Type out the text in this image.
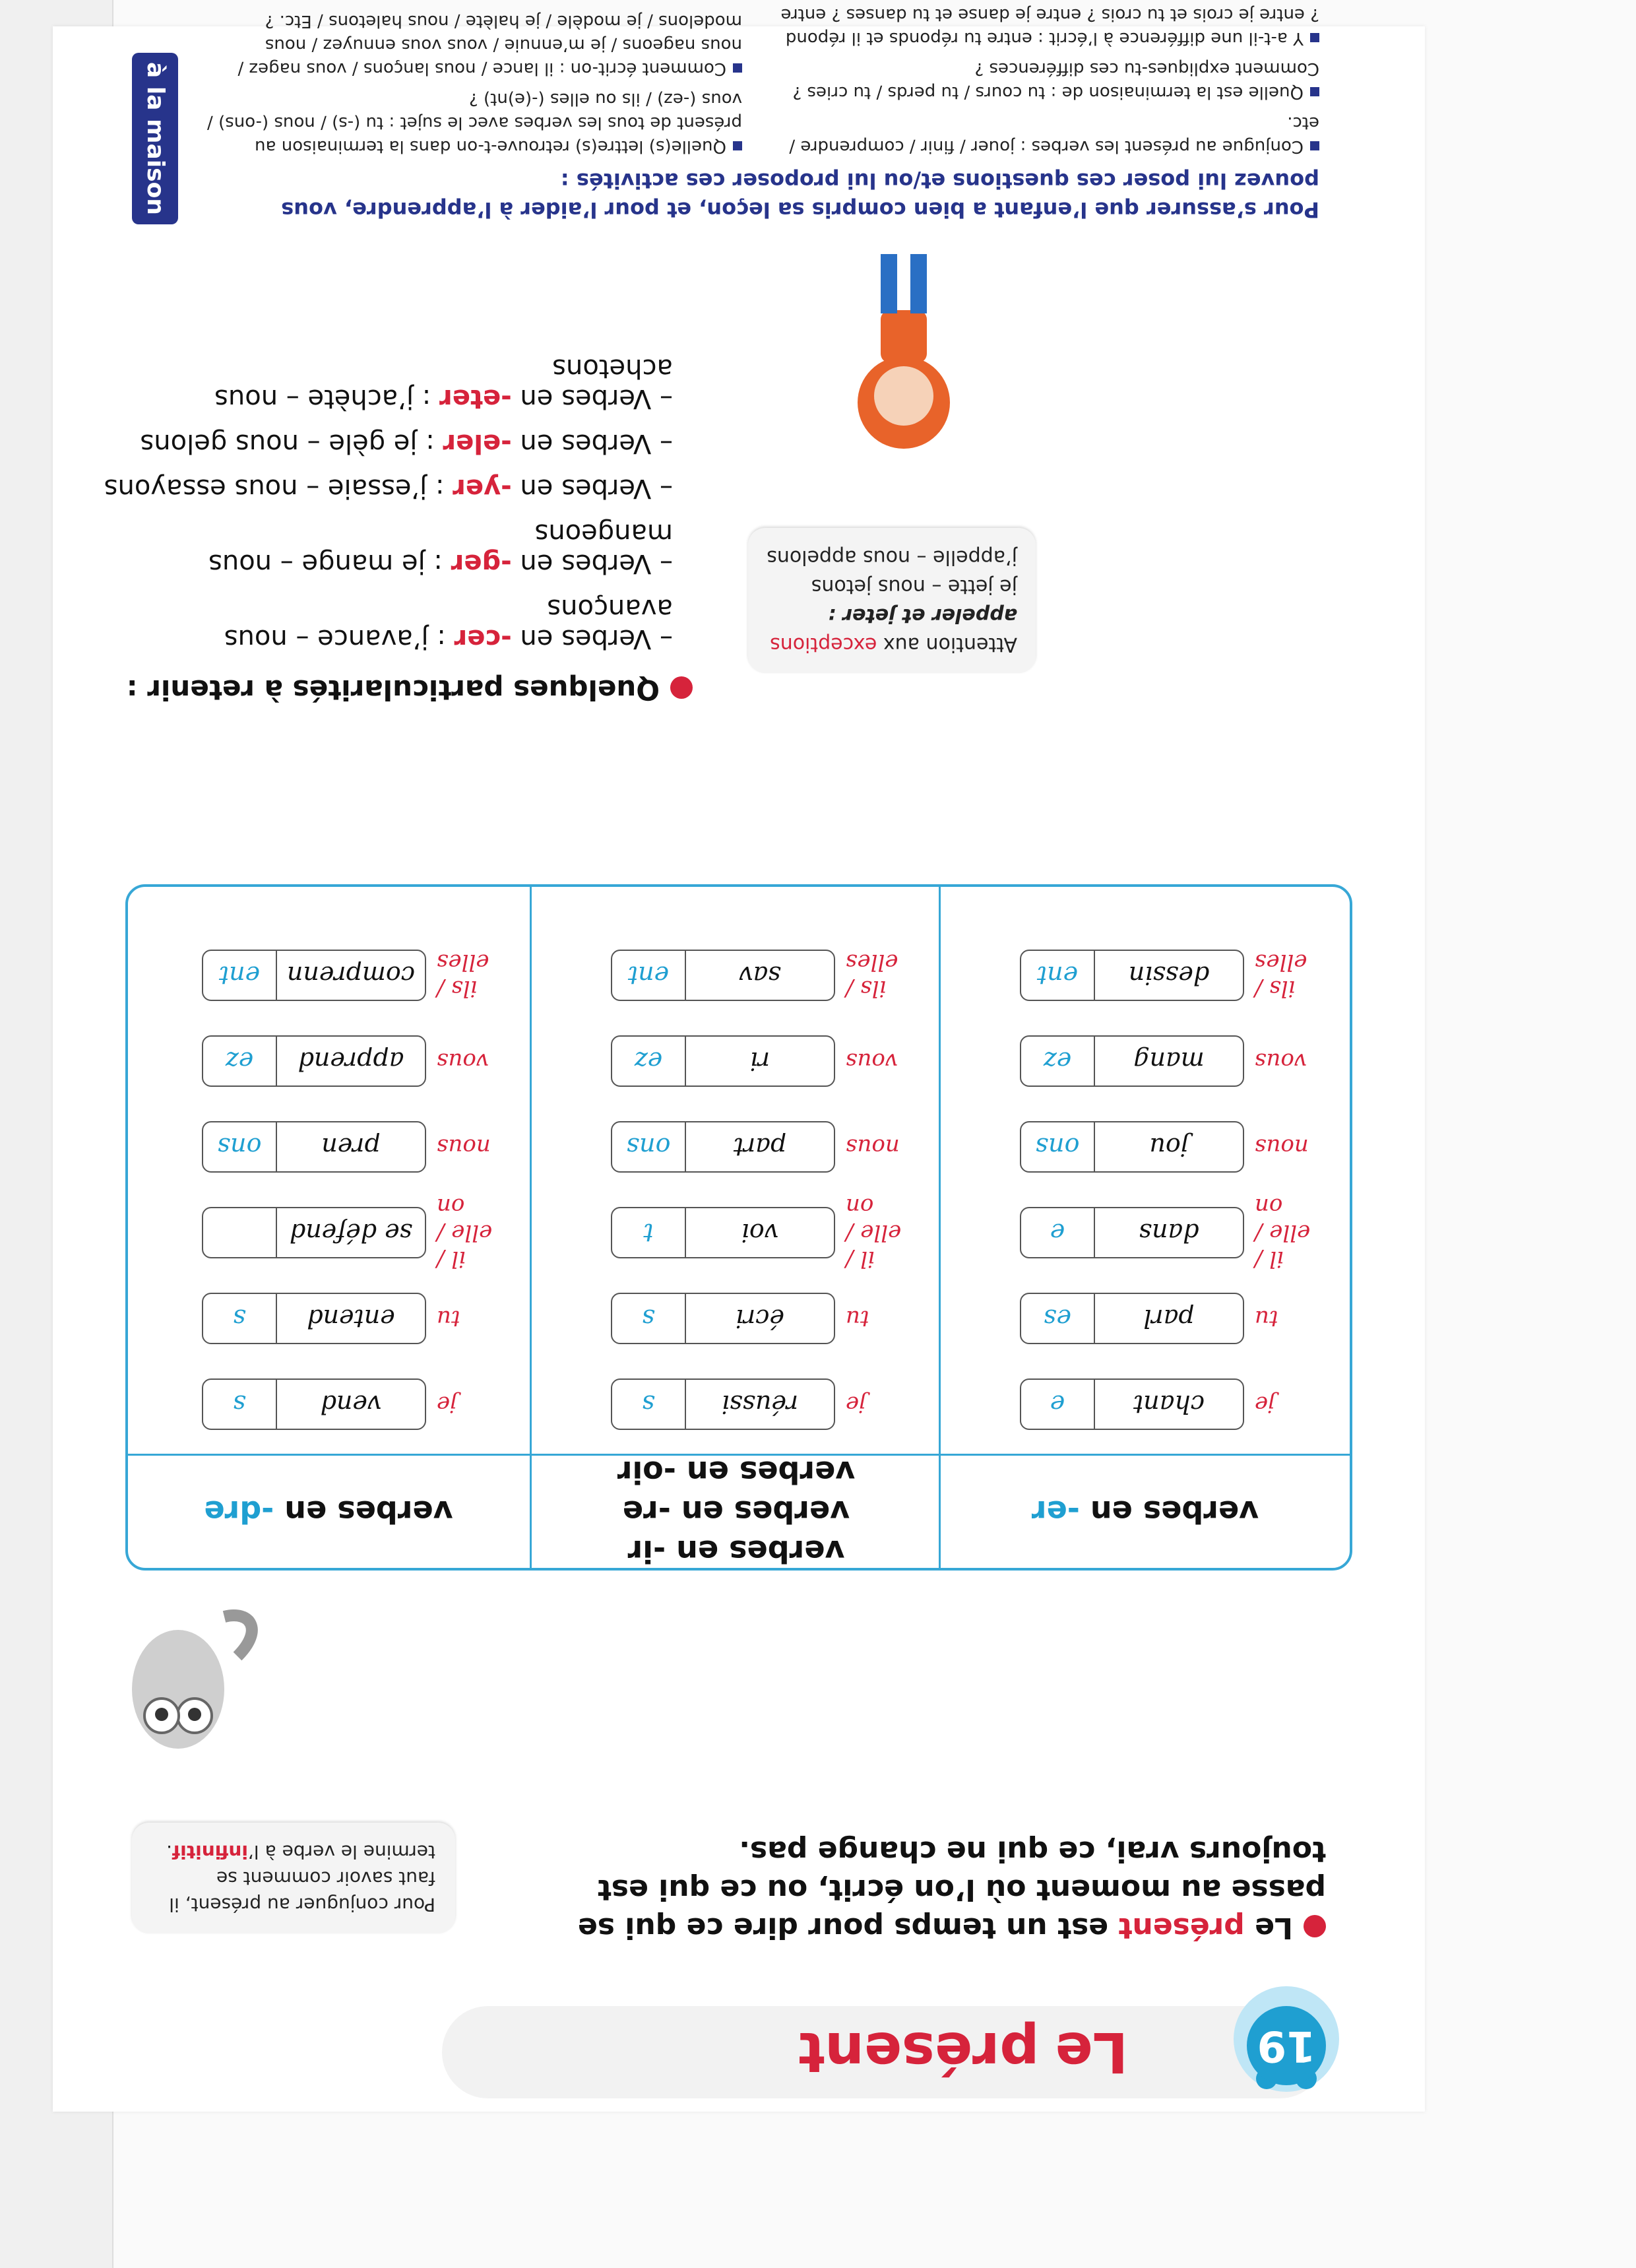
Le
présent	19
Le présent est un temps pour dire ce qui se passe au moment où l’on écrit, ou ce qui est toujours vrai, ce qui ne change pas.
Pour conjuguer au présent, il faut savoir comment se termine le verbe à l’infinitif.
verbes en -er
verbes en -ir
verbes en -re
verbes en -oir
verbes en -dre
je
chant
e
tu
parl
es
il / elle / on
dans
e
nous
jou
ons
vous
mang
ez
ils / elles
dessin
ent
je
réussi
s
tu
écri
s
il / elle / on
voi
t
nous
part
ons
vous
ri
ez
ils / elles
sav
ent
je
vend
s
tu
entend
s
il / elle / on
se défend
nous
pren
ons
vous
apprend
ez
ils / elles
comprenn
ent
Quelques particularités à retenir :
– Verbes en -cer : j’avance – nous avançons
– Verbes en -ger : je mange – nous mangeons
– Verbes en -yer : j’essaie – nous essayons
– Verbes en -eler : je gèle – nous gelons
– Verbes en -eter : j’achète – nous achetons
Attention aux exceptions
appeler et jeter :
je jette – nous jetons
j’appelle – nous appelons
à la maison	Pour s’assurer que l’enfant a bien compris sa leçon, et pour l’aider à l’apprendre, vous pouvez lui poser ces questions et/ou lui proposer ces activités :
Conjugue au présent les verbes : jouer / finir / comprendre / etc.
Quelle est la terminaison de : tu cours / tu perds / tu cries ? Comment expliques-tu ces différences ?
Y a-t-il une différence à l’écrit : entre tu réponds et il répond ? entre je crois et tu crois ? entre je danse et tu danses ? entre
Quelle(s) lettre(s) retrouve-t-on dans la terminaison au présent de tous les verbes avec le sujet : tu (-s) / nous (-ons) / vous (-ez) / ils ou elles (-(e)nt) ?
Comment écrit-on : il lance / nous lançons / vous nagez / nous nageons / je m’ennuie / vous vous ennuyez / nous modelons / je modèle / je halète / nous haletons / Etc. ?
